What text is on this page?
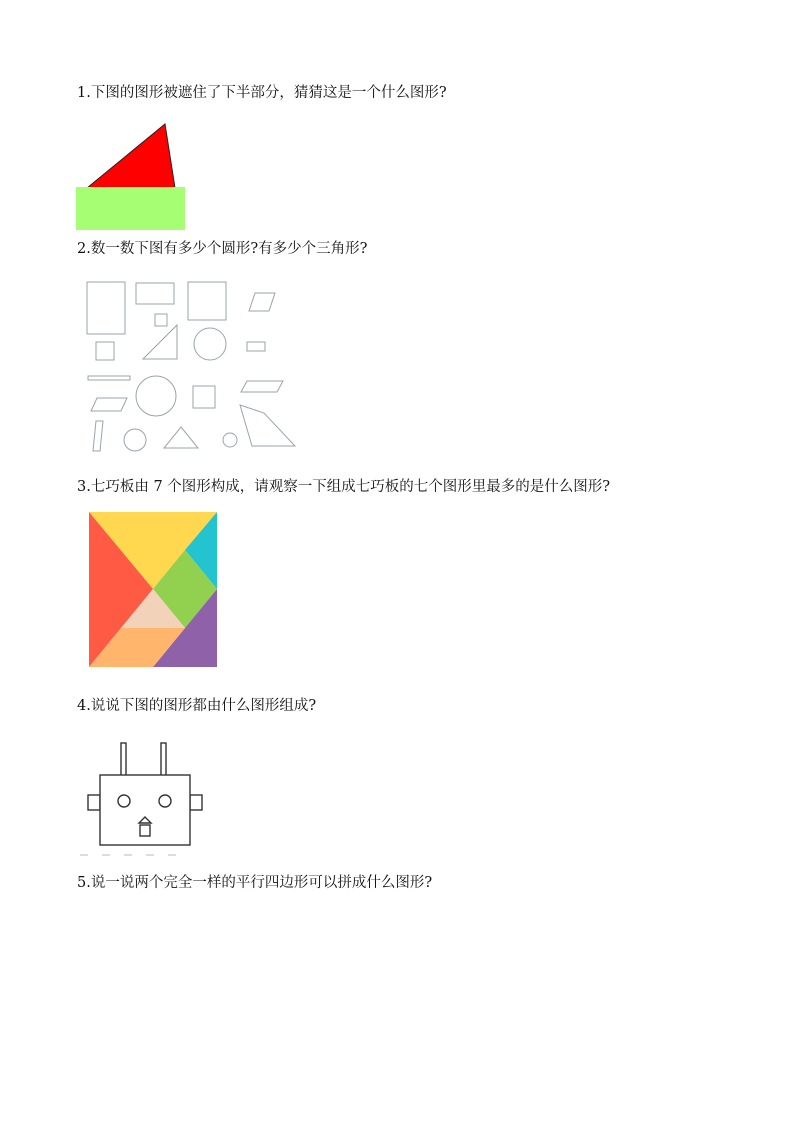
1.下图的图形被遮住了下半部分，猜猜这是一个什么图形?
2.数一数下图有多少个圆形?有多少个三角形?
3.七巧板由 7 个图形构成，请观察一下组成七巧板的七个图形里最多的是什么图形?
4.说说下图的图形都由什么图形组成?
5.说一说两个完全一样的平行四边形可以拼成什么图形?
